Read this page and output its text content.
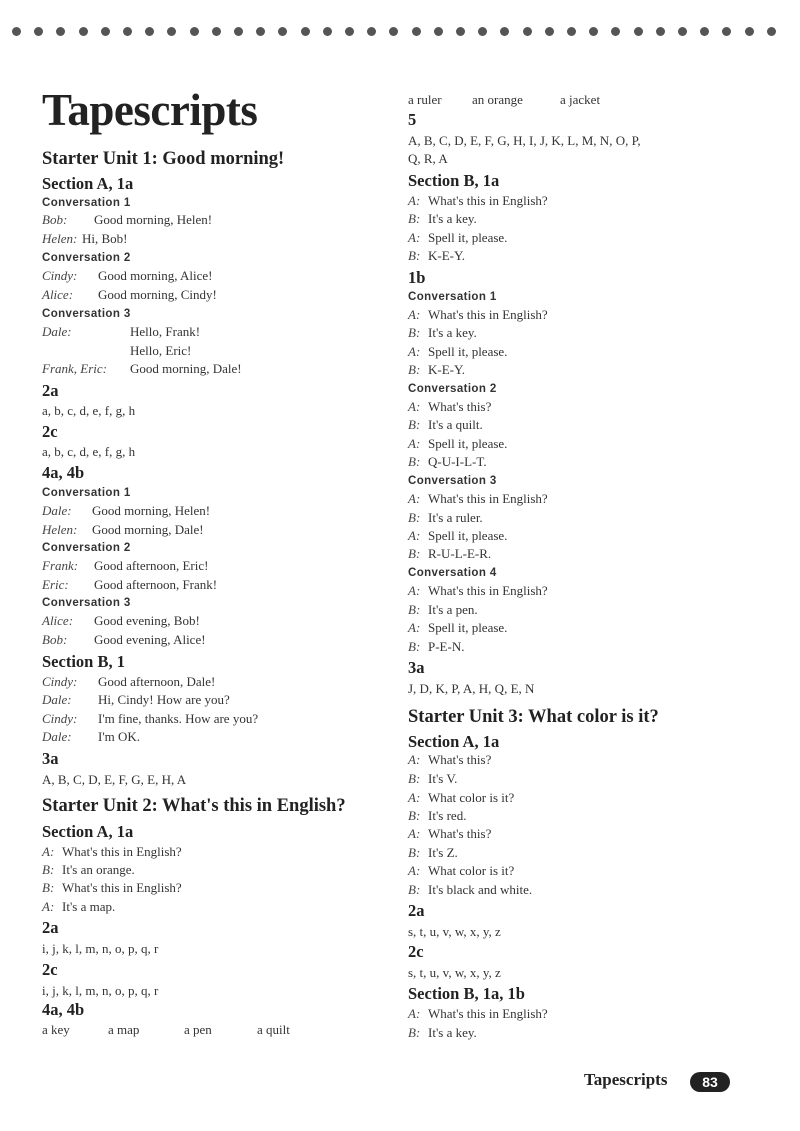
Tapescripts
Starter Unit 1: Good morning!
Section A, 1a
Conversation 1
Bob: Good morning, Helen!
Helen: Hi, Bob!
Conversation 2
Cindy: Good morning, Alice!
Alice: Good morning, Cindy!
Conversation 3
Dale:	Hello, Frank!
Hello, Eric!
Frank, Eric: Good morning, Dale!
2a
a, b, c, d, e, f, g, h
2c
a, b, c, d, e, f, g, h
4a, 4b
Conversation 1
Dale: Good morning, Helen!
Helen: Good morning, Dale!
Conversation 2
Frank: Good afternoon, Eric!
Eric: Good afternoon, Frank!
Conversation 3
Alice: Good evening, Bob!
Bob: Good evening, Alice!
Section B, 1
Cindy: Good afternoon, Dale!
Dale: Hi, Cindy! How are you?
Cindy: I'm fine, thanks. How are you?
Dale: I'm OK.
3a
A, B, C, D, E, F, G, E, H, A
Starter Unit 2: What's this in English?
Section A, 1a
A: What's this in English?
B: It's an orange.
B: What's this in English?
A: It's a map.
2a
i, j, k, l, m, n, o, p, q, r
2c
i, j, k, l, m, n, o, p, q, r
4a, 4b
a key	a map	a pen	a quilt
a ruler an orange	a jacket
5
A, B, C, D, E, F, G, H, I, J, K, L, M, N, O, P,
Q, R, A
Section B, 1a
A: What's this in English?
B: It's a key.
A: Spell it, please.
B: K-E-Y.
1b
Conversation 1
A: What's this in English?
B: It's a key.
A: Spell it, please.
B: K-E-Y.
Conversation 2
A: What's this?
B: It's a quilt.
A: Spell it, please.
B: Q-U-I-L-T.
Conversation 3
A: What's this in English?
B: It's a ruler.
A: Spell it, please.
B: R-U-L-E-R.
Conversation 4
A: What's this in English?
B: It's a pen.
A: Spell it, please.
B: P-E-N.
3a
J, D, K, P, A, H, Q, E, N
Starter Unit 3: What color is it?
Section A, 1a
A: What's this?
B: It's V.
A: What color is it?
B: It's red.
A: What's this?
B: It's Z.
A: What color is it?
B: It's black and white.
2a
s, t, u, v, w, x, y, z
2c
s, t, u, v, w, x, y, z
Section B, 1a, 1b
A: What's this in English?
B: It's a key.
Tapescripts	83
